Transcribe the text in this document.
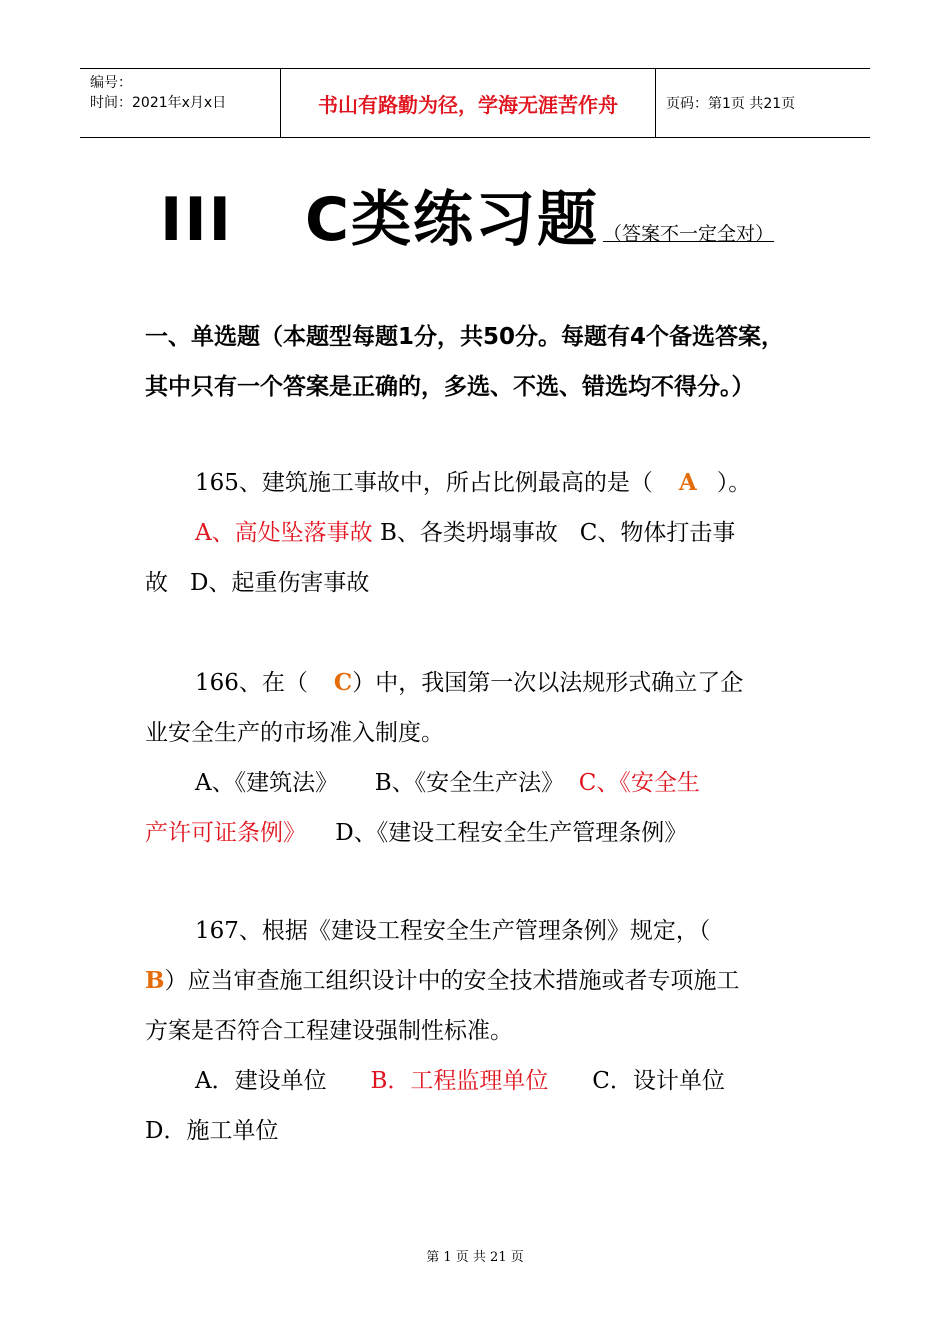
编号：
时间：2021年x月x日	书山有路勤为径，学海无涯苦作舟	页码：第1页 共21页
III C类练习题 （答案不一定全对）
一、单选题（本题型每题1分，共50分。每题有4个备选答案，其中只有一个答案是正确的，多选、不选、错选均不得分。）
165、建筑施工事故中，所占比例最高的是（ A ）。
A、高处坠落事故 B、各类坍塌事故 C、物体打击事
故 D、起重伤害事故
166、在（ C）中，我国第一次以法规形式确立了企
业安全生产的市场准入制度。
A、《建筑法》 B、《安全生产法》 C、《安全生
产许可证条例》 D、《建设工程安全生产管理条例》
167、根据《建设工程安全生产管理条例》规定，（
B）应当审查施工组织设计中的安全技术措施或者专项施工
方案是否符合工程建设强制性标准。
A．建设单位 B．工程监理单位 C．设计单位
D．施工单位
第 1 页 共 21 页
